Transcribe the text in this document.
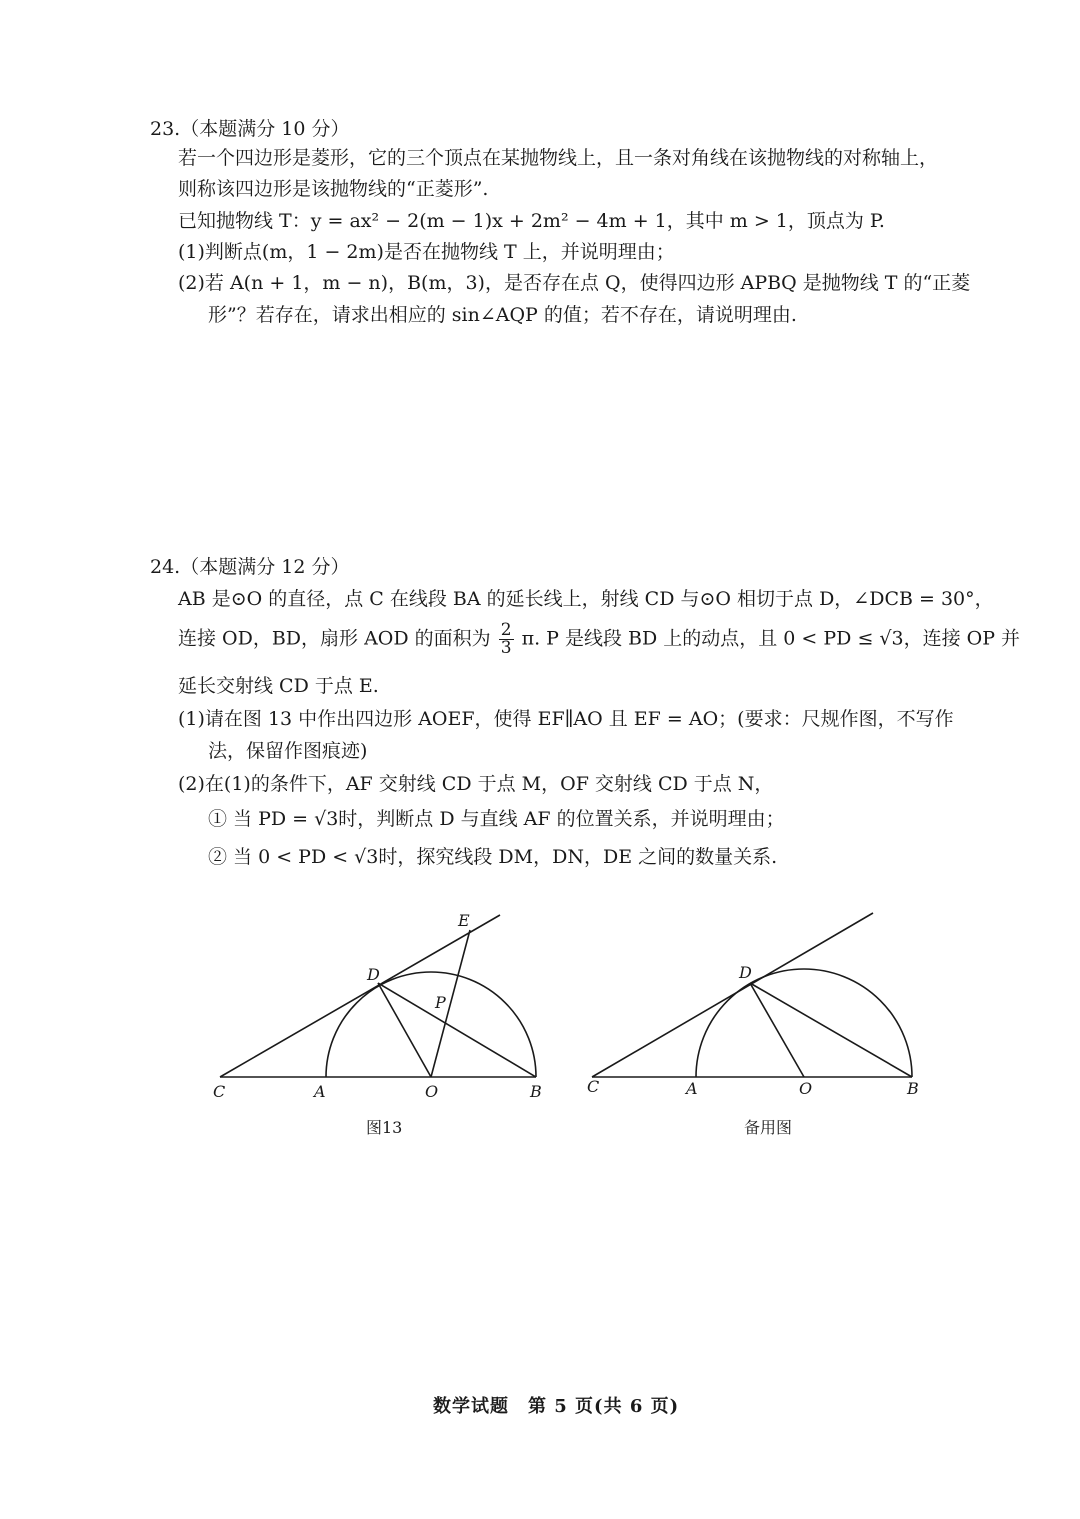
23.（本题满分 10 分）
若一个四边形是菱形，它的三个顶点在某抛物线上，且一条对角线在该抛物线的对称轴上，
则称该四边形是该抛物线的“正菱形”.
已知抛物线 T：y = ax² − 2(m − 1)x + 2m² − 4m + 1，其中 m > 1，顶点为 P.
(1)判断点(m，1 − 2m)是否在抛物线 T 上，并说明理由；
(2)若 A(n + 1，m − n)，B(m，3)，是否存在点 Q，使得四边形 APBQ 是抛物线 T 的“正菱
形”？若存在，请求出相应的 sin∠AQP 的值；若不存在，请说明理由.
24.（本题满分 12 分）
AB 是⊙O 的直径，点 C 在线段 BA 的延长线上，射线 CD 与⊙O 相切于点 D，∠DCB = 30°，
连接 OD，BD，扇形 AOD 的面积为 $\frac{2}{3} \pi$. P 是线段 BD 上的动点，且 0 < PD ≤ √3，连接 OP 并
延长交射线 CD 于点 E.
(1)请在图 13 中作出四边形 AOEF，使得 EF∥AO 且 EF = AO；(要求：尺规作图，不写作
法，保留作图痕迹)
(2)在(1)的条件下，AF 交射线 CD 于点 M，OF 交射线 CD 于点 N，
① 当 PD = √3时，判断点 D 与直线 AF 的位置关系，并说明理由；
② 当 0 < PD < √3时，探究线段 DM，DN，DE 之间的数量关系.
C	A	O	B
D
E
P
C	A	O	B
D
图13	备用图
数学试题　第 5 页(共 6 页)
